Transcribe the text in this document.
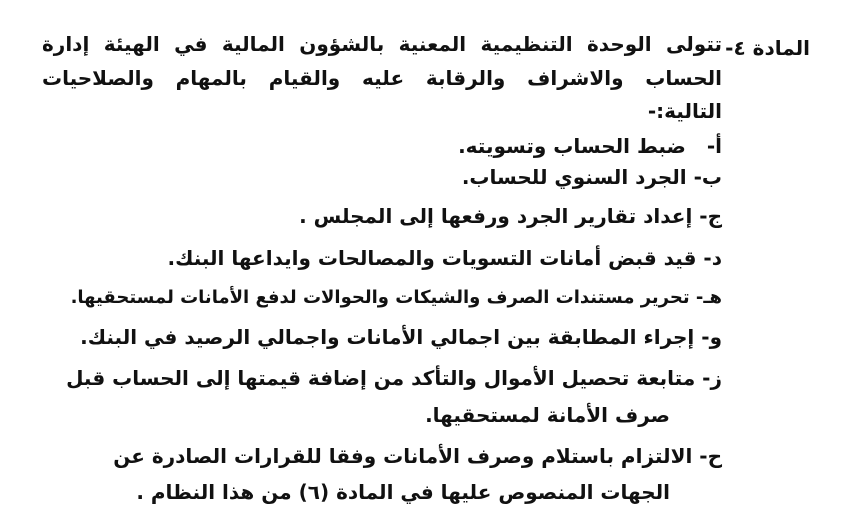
المادة ٤-
تتولى الوحدة التنظيمية المعنية بالشؤون المالية في الهيئة إدارة
الحساب والاشراف والرقابة عليه والقيام بالمهام والصلاحيات
التالية:-
أ- ضبط الحساب وتسويته.
ب- الجرد السنوي للحساب.
ج- إعداد تقارير الجرد ورفعها إلى المجلس .
د- قيد قبض أمانات التسويات والمصالحات وايداعها البنك.
هـ- تحرير مستندات الصرف والشيكات والحوالات لدفع الأمانات لمستحقيها.
و- إجراء المطابقة بين اجمالي الأمانات واجمالي الرصيد في البنك.
ز- متابعة تحصيل الأموال والتأكد من إضافة قيمتها إلى الحساب قبل
صرف الأمانة لمستحقيها.
ح- الالتزام باستلام وصرف الأمانات وفقا للقرارات الصادرة عن
الجهات المنصوص عليها في المادة (٦) من هذا النظام .
